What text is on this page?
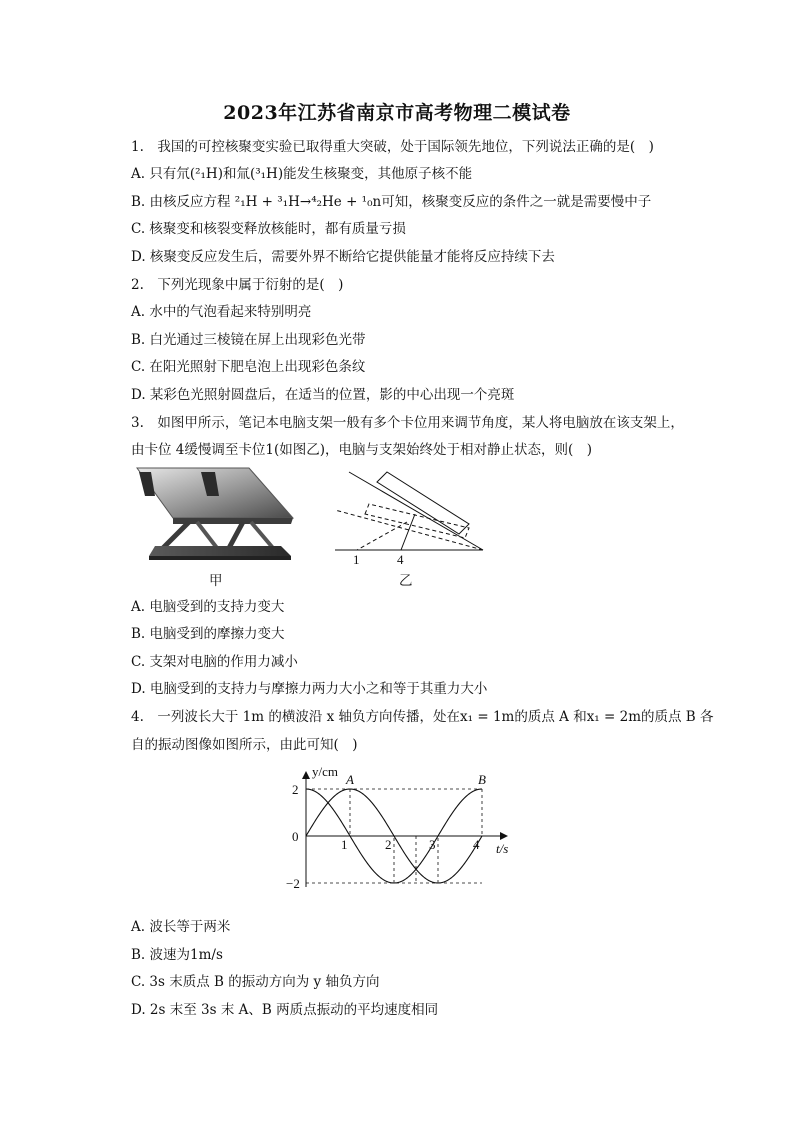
2023年江苏省南京市高考物理二模试卷
1.　我国的可控核聚变实验已取得重大突破，处于国际领先地位，下列说法正确的是(　)
A. 只有氘(²₁H)和氚(³₁H)能发生核聚变，其他原子核不能
B. 由核反应方程 ²₁H + ³₁H→⁴₂He + ¹₀n可知，核聚变反应的条件之一就是需要慢中子
C. 核聚变和核裂变释放核能时，都有质量亏损
D. 核聚变反应发生后，需要外界不断给它提供能量才能将反应持续下去
2.　下列光现象中属于衍射的是(　)
A. 水中的气泡看起来特别明亮
B. 白光通过三棱镜在屏上出现彩色光带
C. 在阳光照射下肥皂泡上出现彩色条纹
D. 某彩色光照射圆盘后，在适当的位置，影的中心出现一个亮斑
3.　如图甲所示，笔记本电脑支架一般有多个卡位用来调节角度，某人将电脑放在该支架上，
由卡位 4缓慢调至卡位1(如图乙)，电脑与支架始终处于相对静止状态，则(　)
甲
1	4
乙
A. 电脑受到的支持力变大
B. 电脑受到的摩擦力变大
C. 支架对电脑的作用力减小
D. 电脑受到的支持力与摩擦力两力大小之和等于其重力大小
4.　一列波长大于 1m 的横波沿 x 轴负方向传播，处在x₁ = 1m的质点 A 和x₁ = 2m的质点 B 各
自的振动图像如图所示，由此可知(　)
1	2	3	4
2
−2
y/cm
t/s
0
A	B
A. 波长等于两米
B. 波速为1m/s
C. 3s 末质点 B 的振动方向为 y 轴负方向
D. 2s 末至 3s 末 A、B 两质点振动的平均速度相同
